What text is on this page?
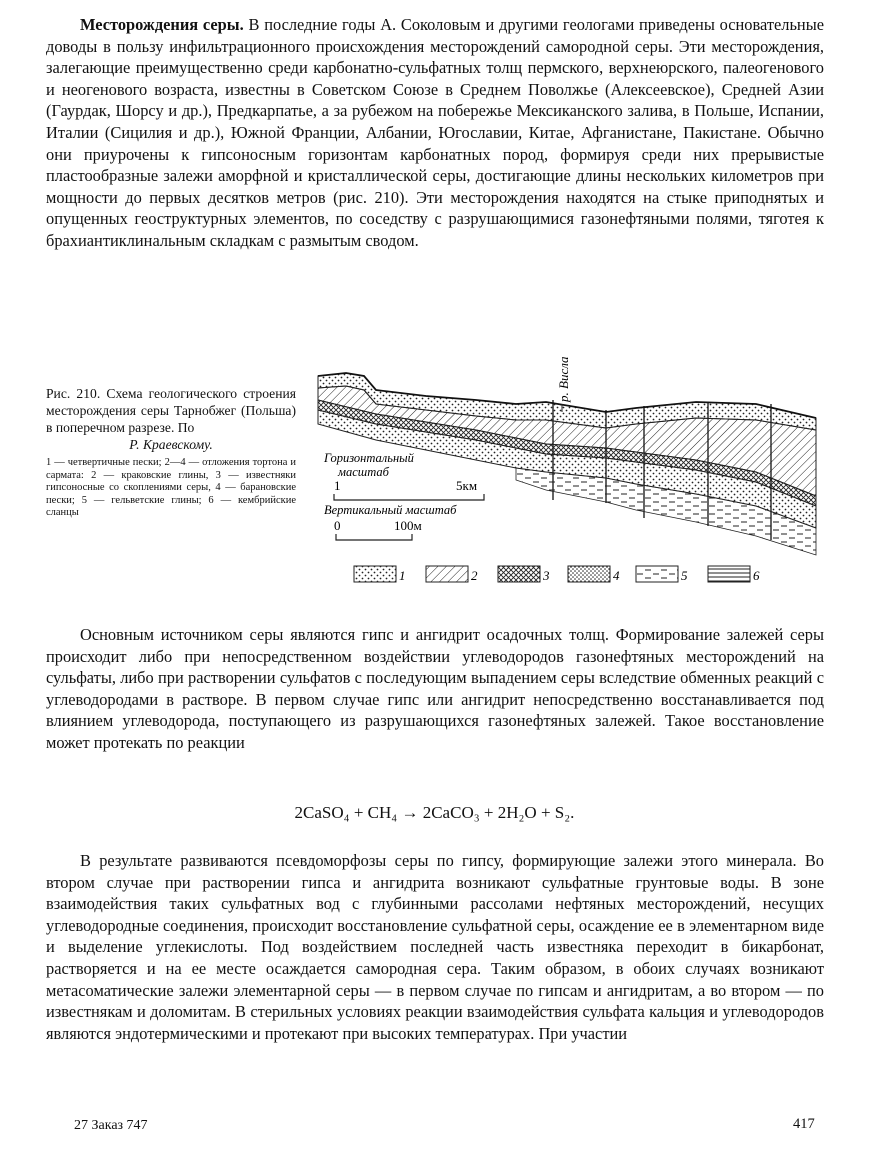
Месторождения серы. В последние годы А. Соколовым и другими геологами приведены основательные доводы в пользу инфильтрационного происхождения месторождений самородной серы. Эти месторождения, залегающие преимущественно среди карбонатно-сульфатных толщ пермского, верхнеюрского, палеогенового и неогенового возраста, известны в Советском Союзе в Среднем Поволжье (Алексеевское), Средней Азии (Гаурдак, Шорсу и др.), Предкарпатье, а за рубежом на побережье Мексиканского залива, в Польше, Испании, Италии (Сицилия и др.), Южной Франции, Албании, Югославии, Китае, Афганистане, Пакистане. Обычно они приурочены к гипсоносным горизонтам карбонатных пород, формируя среди них прерывистые пластообразные залежи аморфной и кристаллической серы, достигающие длины нескольких километров при мощности до первых десятков метров (рис. 210). Эти месторождения находятся на стыке приподнятых и опущенных геоструктурных элементов, по соседству с разрушающимися газонефтяными полями, тяготея к брахиантиклинальным складкам с размытым сводом.

Рис. 210. Схема геологического строения месторождения серы Тарнобжег (Польша) в поперечном разрезе. По

Р. Краевскому.

1 — четвертичные пески; 2—4 — отложения тортона и сармата: 2 — краковские глины, 3 — известняки гипсоносные со скоплениями серы, 4 — барановские пески; 5 — гельветские глины; 6 — кембрийские сланцы

р. Висла
Горизонтальный
масштаб
1	5км
Вертикальный масштаб
0	100м
1	2	3	4	5	6

Основным источником серы являются гипс и ангидрит осадочных толщ. Формирование залежей серы происходит либо при непосредственном воздействии углеводородов газонефтяных месторождений на сульфаты, либо при растворении сульфатов с последующим выпадением серы вследствие обменных реакций с углеводородами в растворе. В первом случае гипс или ангидрит непосредственно восстанавливается под влиянием углеводорода, поступающего из разрушающихся газонефтяных залежей. Такое восстановление может протекать по реакции

2CaSO₄ + CH₄ → 2CaCO₃ + 2H₂O + S₂.

В результате развиваются псевдоморфозы серы по гипсу, формирующие залежи этого минерала. Во втором случае при растворении гипса и ангидрита возникают сульфатные грунтовые воды. В зоне взаимодействия таких сульфатных вод с глубинными рассолами нефтяных месторождений, несущих углеводородные соединения, происходит восстановление сульфатной серы, осаждение ее в элементарном виде и выделение углекислоты. Под воздействием последней часть известняка переходит в бикарбонат, растворяется и на ее месте осаждается самородная сера. Таким образом, в обоих случаях возникают метасоматические залежи элементарной серы — в первом случае по гипсам и ангидритам, а во втором — по известнякам и доломитам. В стерильных условиях реакции взаимодействия сульфата кальция и углеводородов являются эндотермическими и протекают при высоких температурах. При участии

27 Заказ 747	417
